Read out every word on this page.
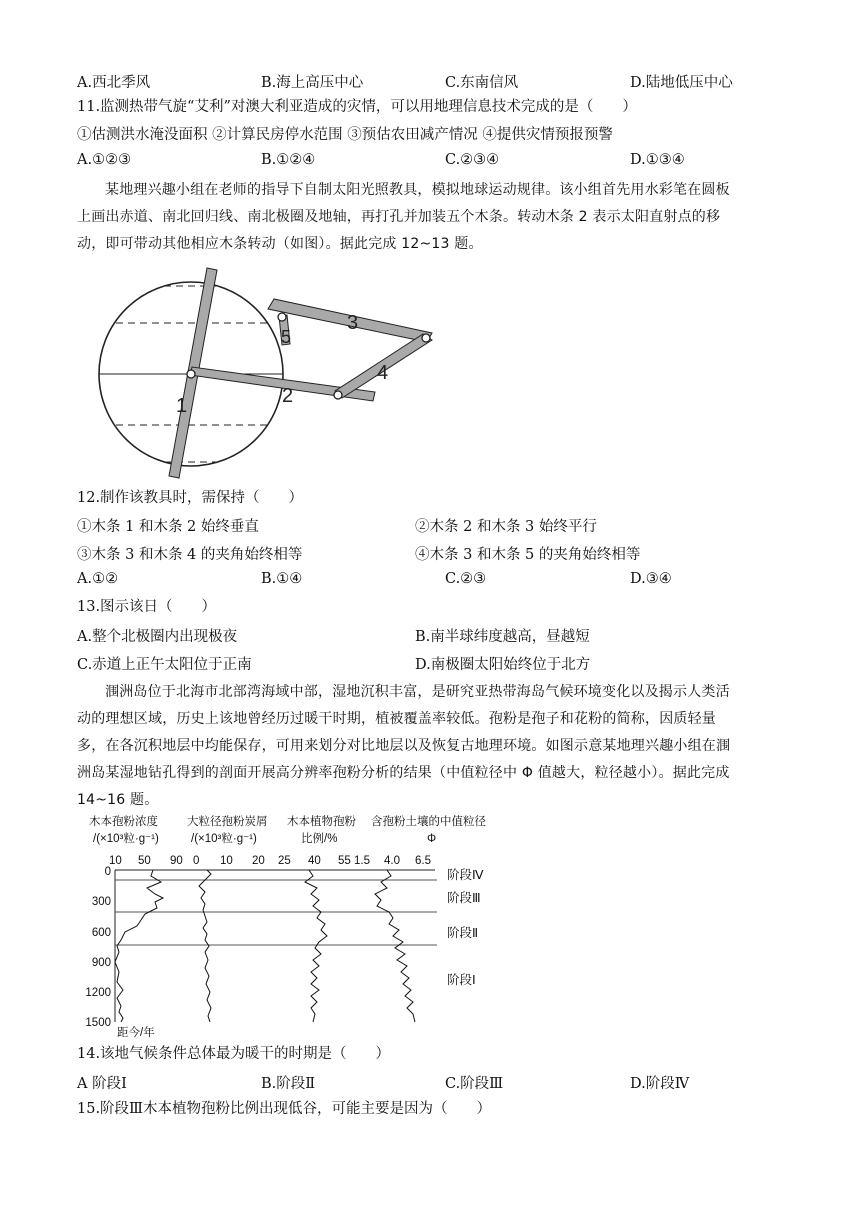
A.西北季风	B.海上高压中心	C.东南信风	D.陆地低压中心
11.监测热带气旋“艾利”对澳大利亚造成的灾情，可以用地理信息技术完成的是（　　）
①估测洪水淹没面积 ②计算民房停水范围 ③预估农田减产情况 ④提供灾情预报预警
A.①②③	B.①②④	C.②③④	D.①③④

某地理兴趣小组在老师的指导下自制太阳光照教具，模拟地球运动规律。该小组首先用水彩笔在圆板

上画出赤道、南北回归线、南北极圈及地轴，再打孔并加装五个木条。转动木条 2 表示太阳直射点的移

动，即可带动其他相应木条转动（如图）。据此完成 12~13 题。

1	2
3
4
5
12.制作该教具时，需保持（　　）
①木条 1 和木条 2 始终垂直	②木条 2 和木条 3 始终平行
③木条 3 和木条 4 的夹角始终相等	④木条 3 和木条 5 的夹角始终相等
A.①②	B.①④	C.②③	D.③④
13.图示该日（　　）
A.整个北极圈内出现极夜	B.南半球纬度越高，昼越短
C.赤道上正午太阳位于正南	D.南极圈太阳始终位于北方

涠洲岛位于北海市北部湾海域中部，湿地沉积丰富，是研究亚热带海岛气候环境变化以及揭示人类活

动的理想区域，历史上该地曾经历过暖干时期，植被覆盖率较低。孢粉是孢子和花粉的简称，因质轻量

多，在各沉积地层中均能保存，可用来划分对比地层以及恢复古地理环境。如图示意某地理兴趣小组在涠

洲岛某湿地钻孔得到的剖面开展高分辨率孢粉分析的结果（中值粒径中 Φ 值越大，粒径越小）。据此完成

14~16 题。

木本孢粉浓度	大粒径孢粉炭屑 木本植物孢粉 含孢粉土壤的中值粒径
/(×10³粒·g⁻¹)	/(×10³粒·g⁻¹)	比例/%	Φ
10 50 90 0 10 20 25 40 55 1.5 4.0 6.5
0
300
600
900
1200
1500
距今/年
阶段Ⅳ
阶段Ⅲ
阶段Ⅱ
阶段Ⅰ
14.该地气候条件总体最为暖干的时期是（　　）
A 阶段Ⅰ	B.阶段Ⅱ	C.阶段Ⅲ	D.阶段Ⅳ
15.阶段Ⅲ木本植物孢粉比例出现低谷，可能主要是因为（　　）
